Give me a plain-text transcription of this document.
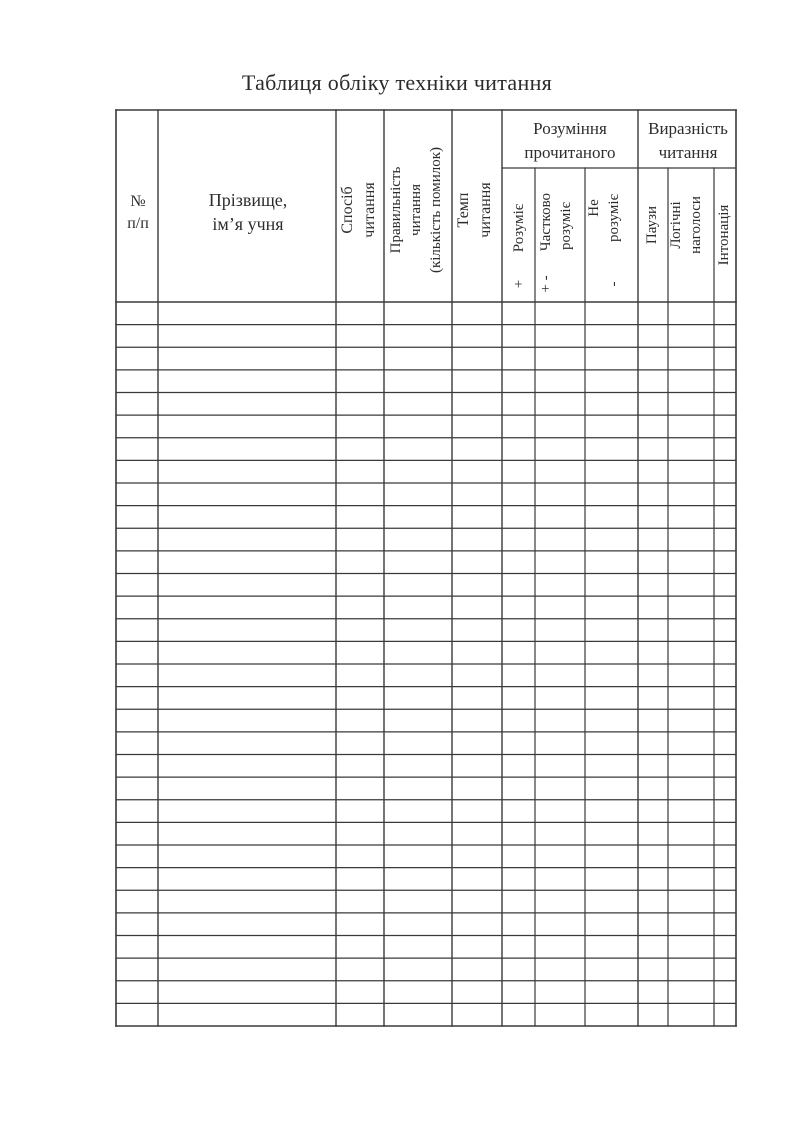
Таблиця обліку техніки читання
№
п/п
Прізвище,
ім’я учня
Розуміння
прочитаного
Виразність
читання
Спосіб читання Правильність читання (кількість помилок) Темп читання
+
Розуміє
+ -
Частково розуміє Не
-
розуміє Паузи Логічні наголоси Інтонація
